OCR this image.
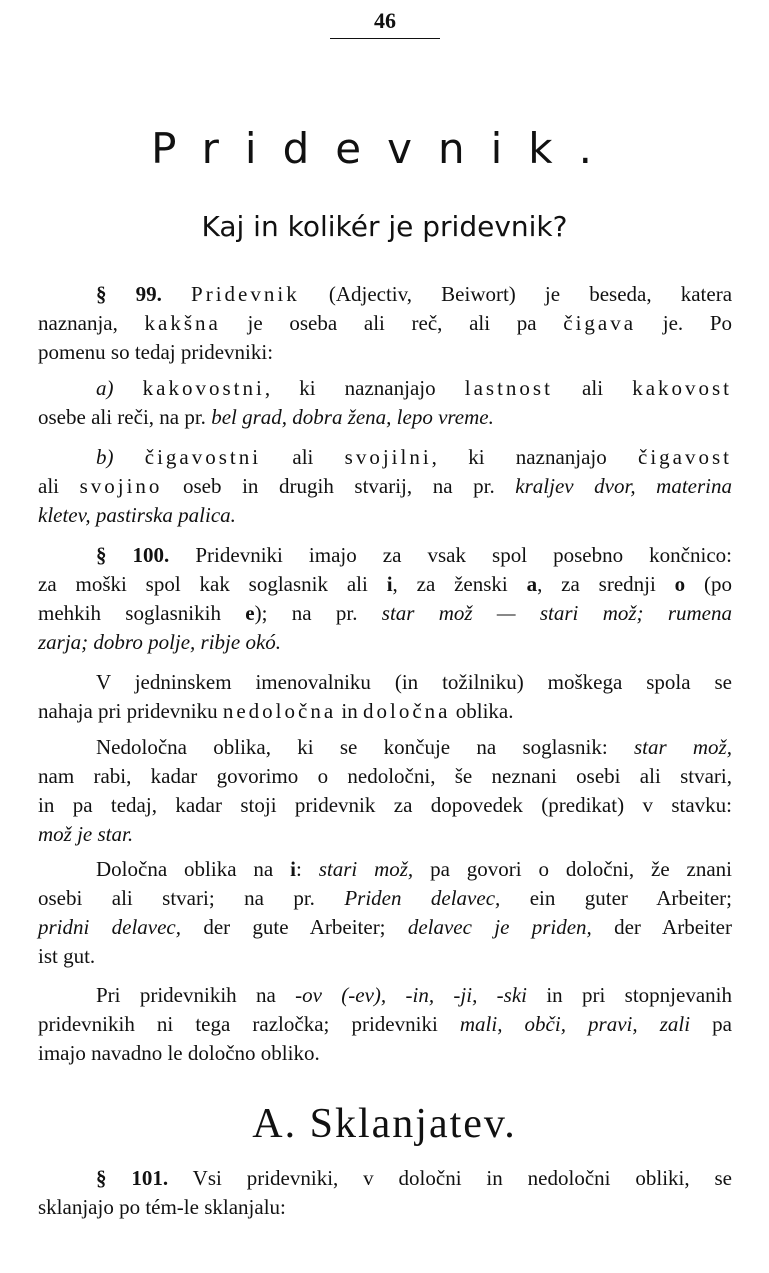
46
Pridevnik.
Kaj in kolikér je pridevnik?
§ 99. Pridevnik (Adjectiv, Beiwort) je beseda, katera
naznanja, kakšna je oseba ali reč, ali pa čigava je. Po
pomenu so tedaj pridevniki:
a) kakovostni, ki naznanjajo lastnost ali kakovost
osebe ali reči, na pr. bel grad, dobra žena, lepo vreme.
b) čigavostni ali svojilni, ki naznanjajo čigavost
ali svojino oseb in drugih stvarij, na pr. kraljev dvor, materina
kletev, pastirska palica.
§ 100. Pridevniki imajo za vsak spol posebno končnico:
za moški spol kak soglasnik ali i, za ženski a, za srednji o (po
mehkih soglasnikih e); na pr. star mož — stari mož; rumena
zarja; dobro polje, ribje okó.
V jedninskem imenovalniku (in tožilniku) moškega spola se
nahaja pri pridevniku nedoločna in določna oblika.
Nedoločna oblika, ki se končuje na soglasnik: star mož,
nam rabi, kadar govorimo o nedoločni, še neznani osebi ali stvari,
in pa tedaj, kadar stoji pridevnik za dopovedek (predikat) v stavku:
mož je star.
Določna oblika na i: stari mož, pa govori o določni, že znani
osebi ali stvari; na pr. Priden delavec, ein guter Arbeiter;
pridni delavec, der gute Arbeiter; delavec je priden, der Arbeiter
ist gut.
Pri pridevnikih na -ov (-ev), -in, -ji, -ski in pri stopnjevanih
pridevnikih ni tega razločka; pridevniki mali, obči, pravi, zali pa
imajo navadno le določno obliko.
A. Sklanjatev.
§ 101. Vsi pridevniki, v določni in nedoločni obliki, se
sklanjajo po tém-le sklanjalu:
